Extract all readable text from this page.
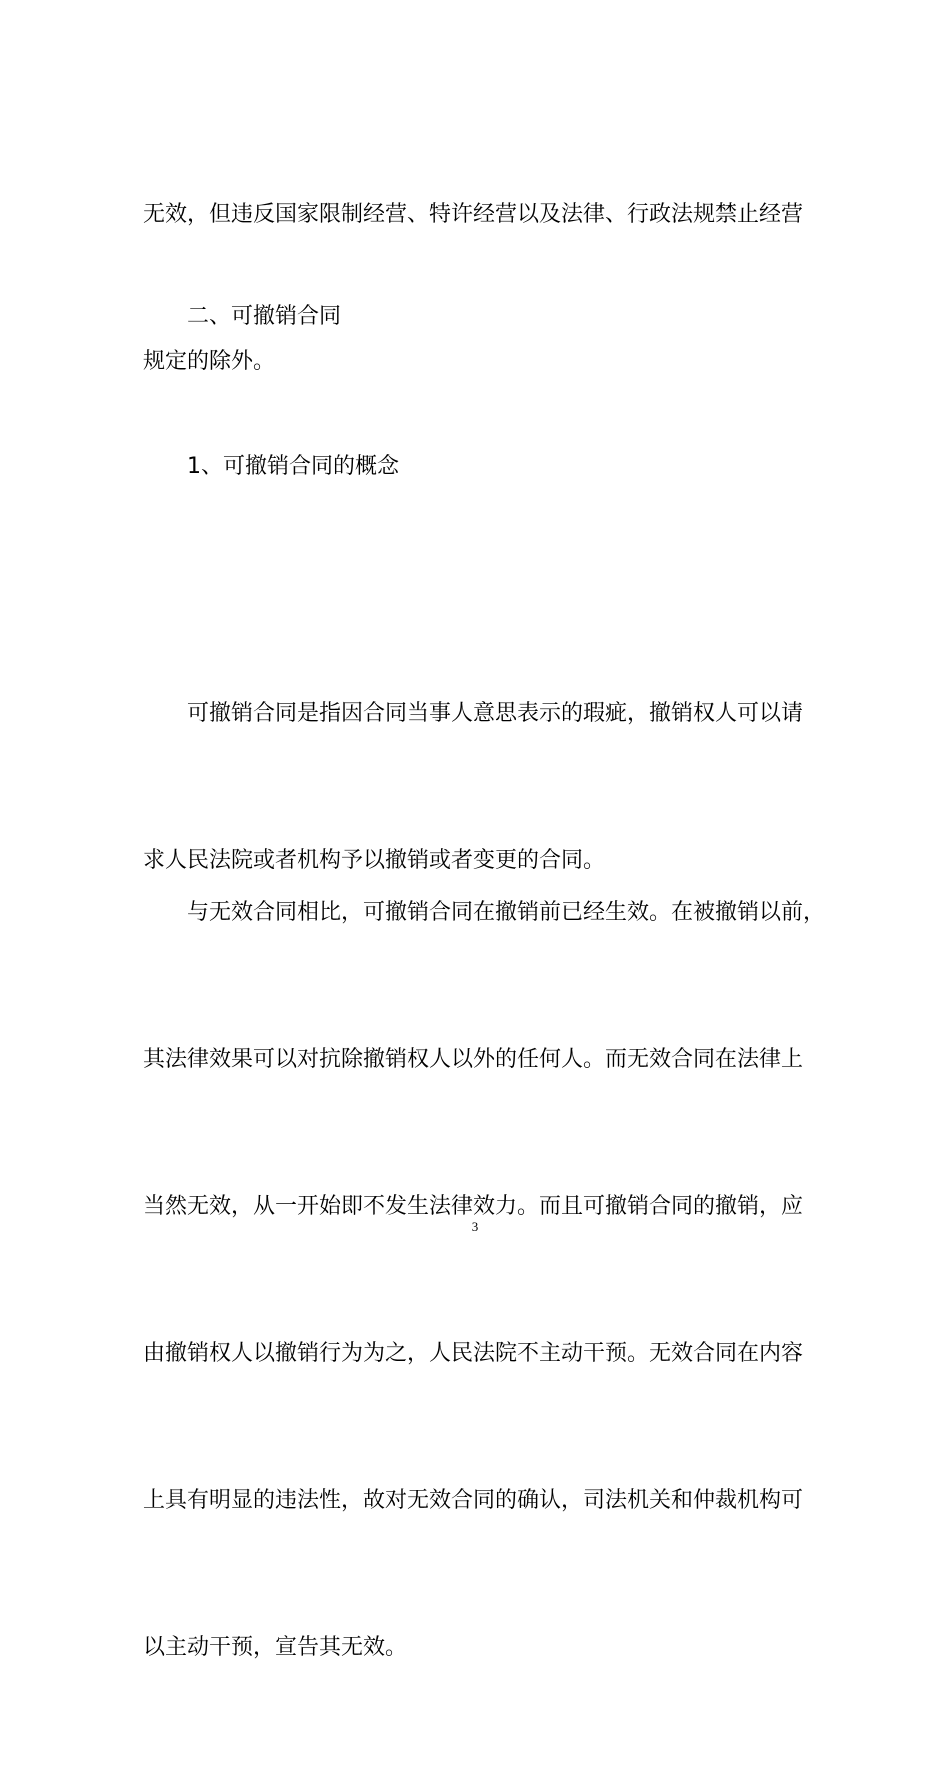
无效，但违反国家限制经营、特许经营以及法律、行政法规禁止经营

规定的除外。

二、可撤销合同
1、可撤销合同的概念

可撤销合同是指因合同当事人意思表示的瑕疵，撤销权人可以请

求人民法院或者机构予以撤销或者变更的合同。

与无效合同相比，可撤销合同在撤销前已经生效。在被撤销以前，

其法律效果可以对抗除撤销权人以外的任何人。而无效合同在法律上

当然无效，从一开始即不发生法律效力。而且可撤销合同的撤销，应

由撤销权人以撤销行为为之，人民法院不主动干预。无效合同在内容

上具有明显的违法性，故对无效合同的确认，司法机关和仲裁机构可

以主动干预，宣告其无效。

3
